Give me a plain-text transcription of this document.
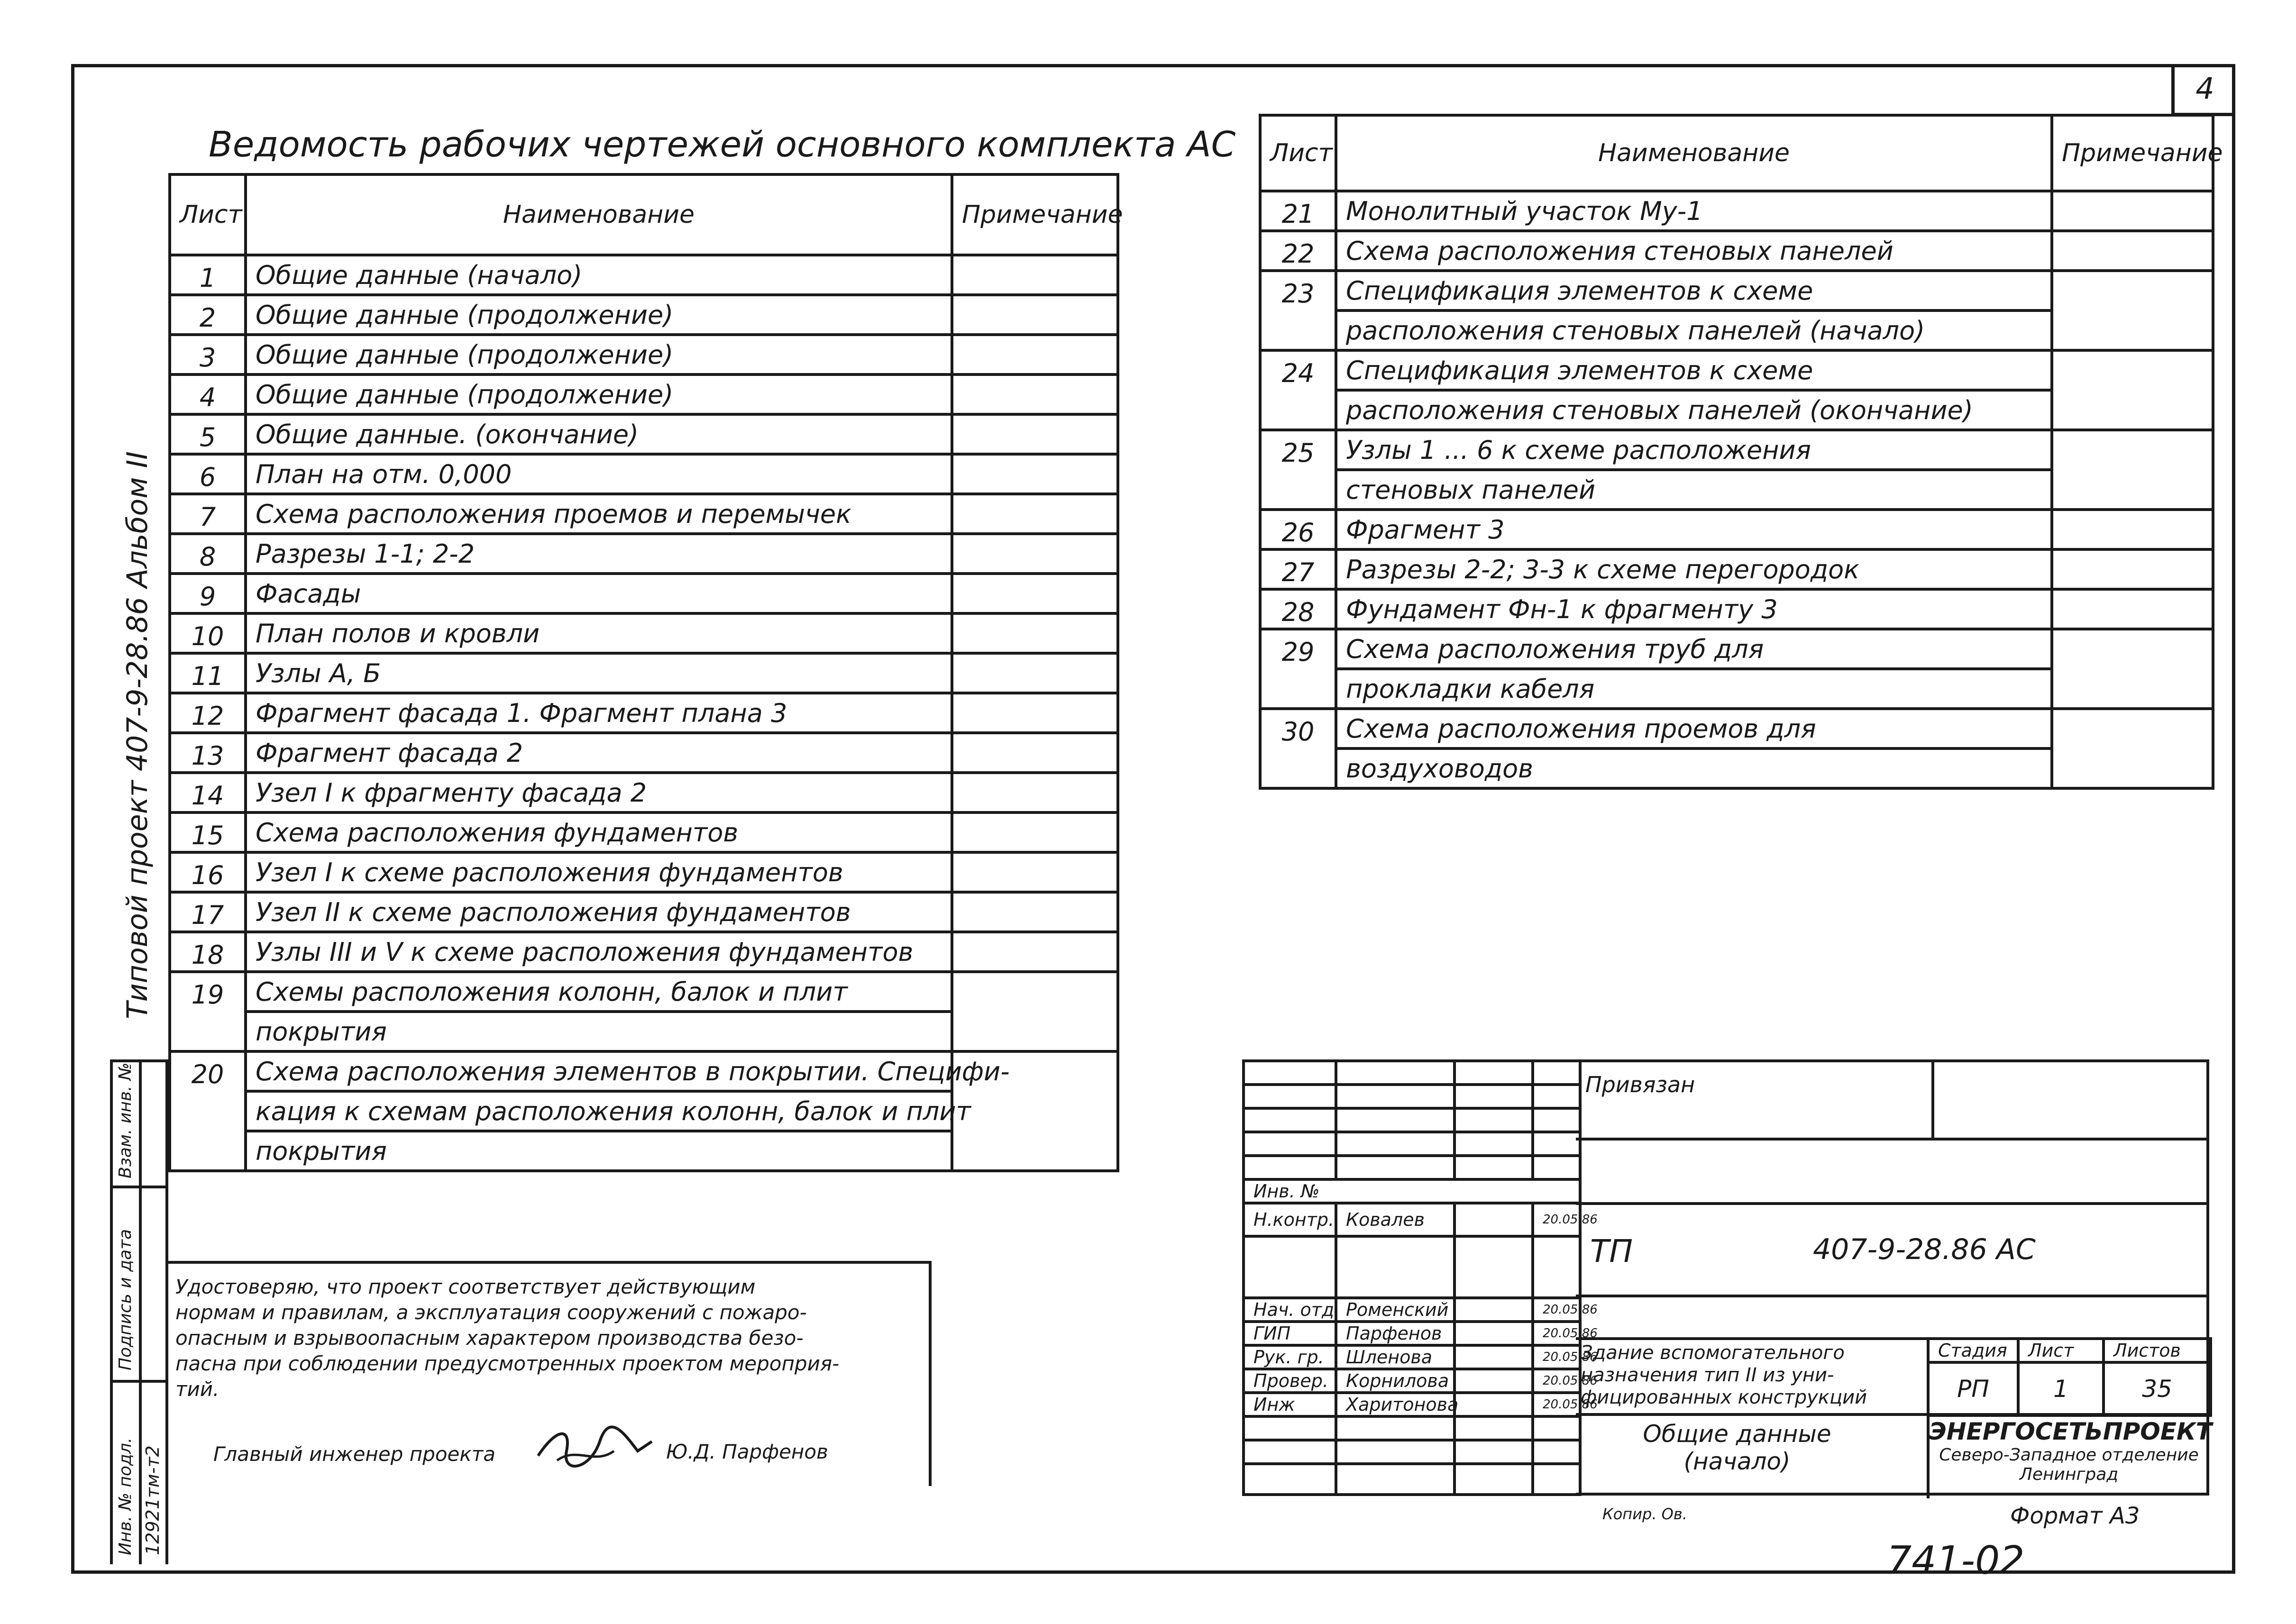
4
Ведомость рабочих чертежей основного комплекта АС
Лист	Наименование	Примечание
1	Общие данные (начало)	
2	Общие данные (продолжение)	
3	Общие данные (продолжение)	
4	Общие данные (продолжение)	
5	Общие данные. (окончание)	
6	План на отм. 0,000	
7	Схема расположения проемов и перемычек	
8	Разрезы 1-1; 2-2	
9	Фасады	
10	План полов и кровли	
11	Узлы А, Б	
12	Фрагмент фасада 1. Фрагмент плана 3	
13	Фрагмент фасада 2	
14	Узел I к фрагменту фасада 2	
15	Схема расположения фундаментов	
16	Узел I к схеме расположения фундаментов	
17	Узел II к схеме расположения фундаментов	
18	Узлы III и V к схеме расположения фундаментов	
19	Схемы расположения колонн, балок и плит	
	покрытия	
20	Схема расположения элементов в покрытии. Специфи-	
	кация к схемам расположения колонн, балок и плит	
	покрытия	
Лист	Наименование	Примечание
21	Монолитный участок Му-1	
22	Схема расположения стеновых панелей	
23	Спецификация элементов к схеме	
	расположения стеновых панелей (начало)	
24	Спецификация элементов к схеме	
	расположения стеновых панелей (окончание)	
25	Узлы 1 ... 6 к схеме расположения	
	стеновых панелей	
26	Фрагмент 3	
27	Разрезы 2-2; 3-3 к схеме перегородок	
28	Фундамент Фн-1 к фрагменту 3	
29	Схема расположения труб для	
	прокладки кабеля	
30	Схема расположения проемов для	
	воздуховодов	
Удостоверяю, что проект соответствует действующим
нормам и правилам, а эксплуатация сооружений с пожаро-
опасным и взрывоопасным характером производства безо-
пасна при соблюдении предусмотренных проектом мероприя-
тий.
Главный инженер проекта	Ю.Д. Парфенов
Типовой проект 407-9-28.86 Альбом II
Взам. инв. №
Подпись и дата
Инв. № подл. 12921тм-т2

Инв. №			
Н.контр.	Ковалев		20.05.86

Нач. отд.	Роменский		20.05.86
ГИП	Парфенов		20.05.86
Рук. гр.	Шленова		20.05.86
Провер.	Корнилова		20.05.86
Инж	Харитонова		20.05.86

Привязан
ТП	407-9-28.86 АС
Здание вспомогательного
назначения тип II из уни-
фицированных конструкций
Стадия	Лист	Листов
РП	1	35
Общие данные
(начало)
ЭНЕРГОСЕТЬПРОЕКТ
Северо-Западное отделение
Ленинград
Копир. Ов.	Формат А3
741-02
